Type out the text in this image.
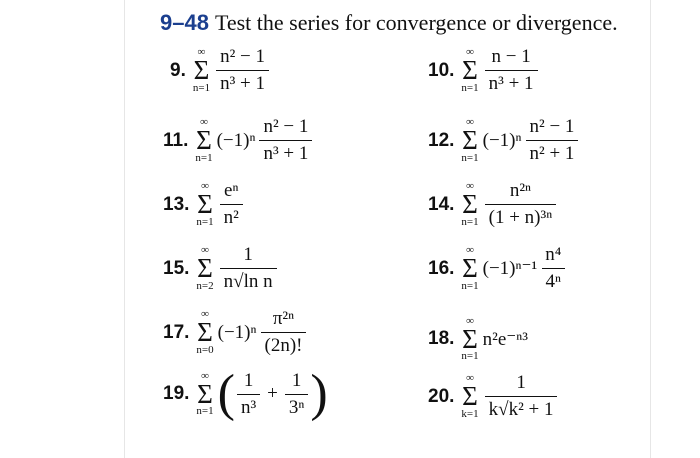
9–48 Test the series for convergence or divergence.
9.
∞
Σ
$n=1 \frac{\text{n² − 1}}{\text{n³ + 1}}$	10.
∞
Σ
$n=1 \frac{n - 1}{\text{n³ + 1}}$
11.
∞
Σ
n=1
$(-1)^n \frac{\text{n² − 1}}{\text{n³ + 1}}$	12.
∞
Σ
n=1
$(-1)^n \frac{\text{n² − 1}}{\text{n² + 1}}$
13.
∞
Σ
$n=1 \frac{\text{eⁿ}}{\text{n²}}$	14.
∞
Σ
$n=1 \frac{\text{n²ⁿ}}{\text{(1 + n)³ⁿ}}$
15.
∞
Σ
$n=2 \frac{1}{\text{n√ln n}}$	16.
∞
Σ
n=1
$(-1)^{n-1} \frac{\text{n⁴}}{\text{4ⁿ}}$
17.
∞
Σ
n=0
$(-1)^n \frac{\text{π²ⁿ}}{(2n)!}$	18.
∞
Σ
n=1
n²e⁻ⁿ³
19.
∞
Σ
n=1 ( $\frac{1}{\text{n³}} + \frac{1}{\text{3ⁿ}}$ )	20.
∞
Σ
$k=1 \frac{1}{\text{k√k² + 1}}$
